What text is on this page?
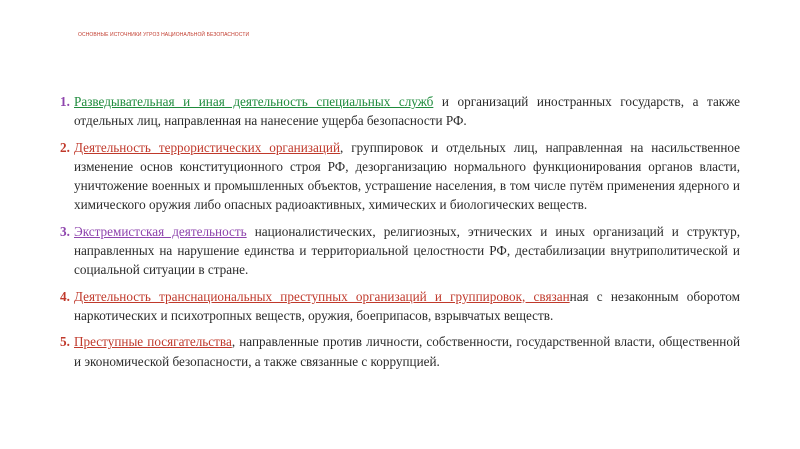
ОСНОВНЫЕ ИСТОЧНИКИ УГРОЗ НАЦИОНАЛЬНОЙ БЕЗОПАСНОСТИ
1. Разведывательная и иная деятельность специальных служб и организаций иностранных государств, а также отдельных лиц, направленная на нанесение ущерба безопасности РФ.
2. Деятельность террористических организаций, группировок и отдельных лиц, направленная на насильственное изменение основ конституционного строя РФ, дезорганизацию нормального функционирования органов власти, уничтожение военных и промышленных объектов, устрашение населения, в том числе путём применения ядерного и химического оружия либо опасных радиоактивных, химических и биологических веществ.
3. Экстремистская деятельность националистических, религиозных, этнических и иных организаций и структур, направленных на нарушение единства и территориальной целостности РФ, дестабилизации внутриполитической и социальной ситуации в стране.
4. Деятельность транснациональных преступных организаций и группировок, связанная с незаконным оборотом наркотических и психотропных веществ, оружия, боеприпасов, взрывчатых веществ.
5. Преступные посягательства, направленные против личности, собственности, государственной власти, общественной и экономической безопасности, а также связанные с коррупцией.
